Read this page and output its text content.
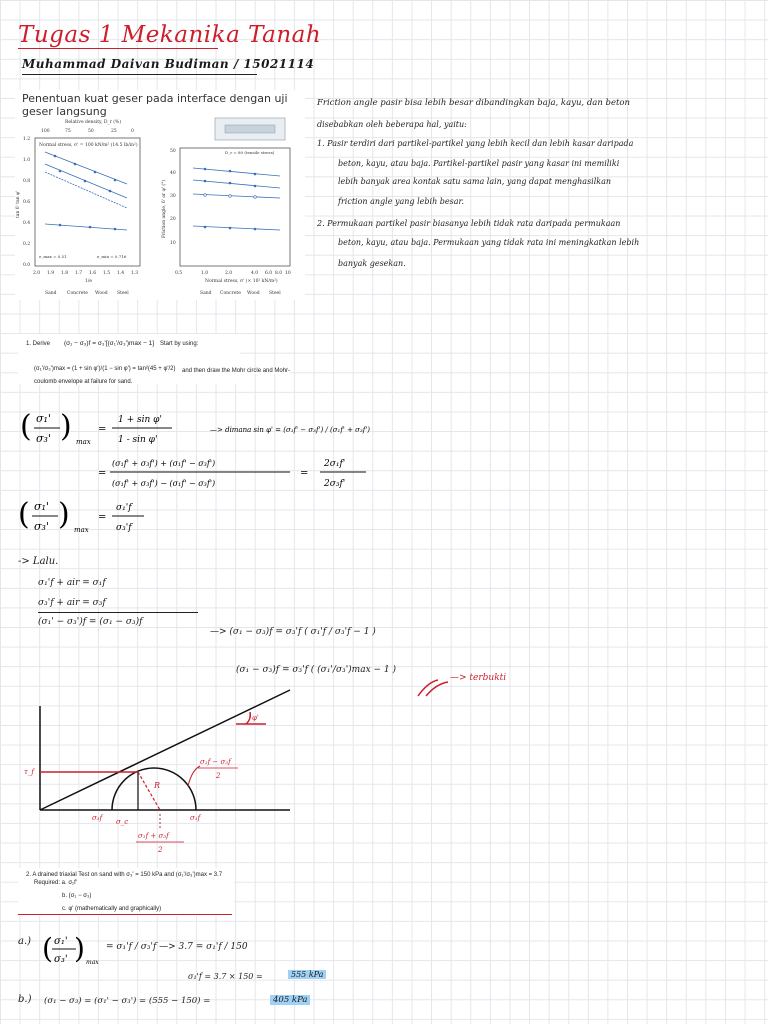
Tugas 1 Mekanika Tanah
Muhammad Daivan Budiman / 15021114
Penentuan kuat geser pada interface dengan uji geser langsung
Relative density, D_r (%)
100	75	50	25	0
Normal stress, σ' = 100 kN/m² (14.5 lb/in²)
1.2
1.0
0.8
0.6
0.4
0.2
0.0
tan δ' tan φ'
2.0 1.9 1.8 1.7 1.6 1.5 1.4 1.3
1/e
e_max = 0.51	e_min = 0.716
D_r = 80 (tensile stress)
50
40
30
20
10
Friction angle, δ' or φ' (°)
0.5	1.0	2.0	4.0 6.0 8.0 10
Normal stress, σ' (× 10² kN/m²)
Sand Concrete Wood Steel	Sand Concrete Wood Steel
Friction angle pasir bisa lebih besar dibandingkan baja, kayu, dan beton
disebabkan oleh beberapa hal, yaitu:
1. Pasir terdiri dari partikel-partikel yang lebih kecil dan lebih kasar daripada
beton, kayu, atau baja. Partikel-partikel pasir yang kasar ini memiliki
lebih banyak area kontak satu sama lain, yang dapat menghasilkan
friction angle yang lebih besar.
2. Permukaan partikel pasir biasanya lebih tidak rata daripada permukaan
beton, kayu, atau baja. Permukaan yang tidak rata ini meningkatkan lebih
banyak gesekan.
1. Derive (σ₁ − σ₃)f = σ₃'[(σ₁'/σ₃')max − 1] Start by using:
(σ₁'/σ₃')max = (1 + sin φ')/(1 − sin φ') = tan²(45 + φ'/2) and then draw the Mohr circle and Mohr-
coulomb envelope at failure for sand.
( σ₁'
σ₃' ) max
=
1 + sin φ'
1 - sin φ'
—> dimana sin φ' = (σ₁f' − σ₃f') / (σ₁f' + σ₃f')
=
(σ₁f' + σ₃f') + (σ₁f' − σ₃f')
(σ₁f' + σ₃f') − (σ₁f' − σ₃f')
=
2σ₁f'
2σ₃f'
( σ₁'
σ₃' ) max
=
σ₁'f
σ₃'f
-> Lalu.
σ₁'f + air = σ₁f
σ₃'f + air = σ₃f
(σ₁' − σ₃')f = (σ₁ − σ₃)f
—> (σ₁ − σ₃)f = σ₃'f ( σ₁'f / σ₃'f − 1 )
(σ₁ − σ₃)f = σ₃'f ( (σ₁'/σ₃')max − 1 )
—> terbukti
φ'
τ_f
R
σ₃f σ_c	σ₁f
σ₁f − σ₃f
2
σ₁f + σ₃f
2
2. A drained triaxial Test on sand with σ₃' = 150 kPa and (σ₁'/σ₃')max = 3.7
Required: a. σ₁f'
b. (σ₁ − σ₃)
c. φ' (mathematically and graphically)
a.) ( σ₁'
σ₃' ) max
= σ₁'f / σ₃'f —> 3.7 = σ₁'f / 150
σ₁'f = 3.7 × 150 =	555 kPa
b.) (σ₁ − σ₃) = (σ₁' − σ₃') = (555 − 150) =	405 kPa
